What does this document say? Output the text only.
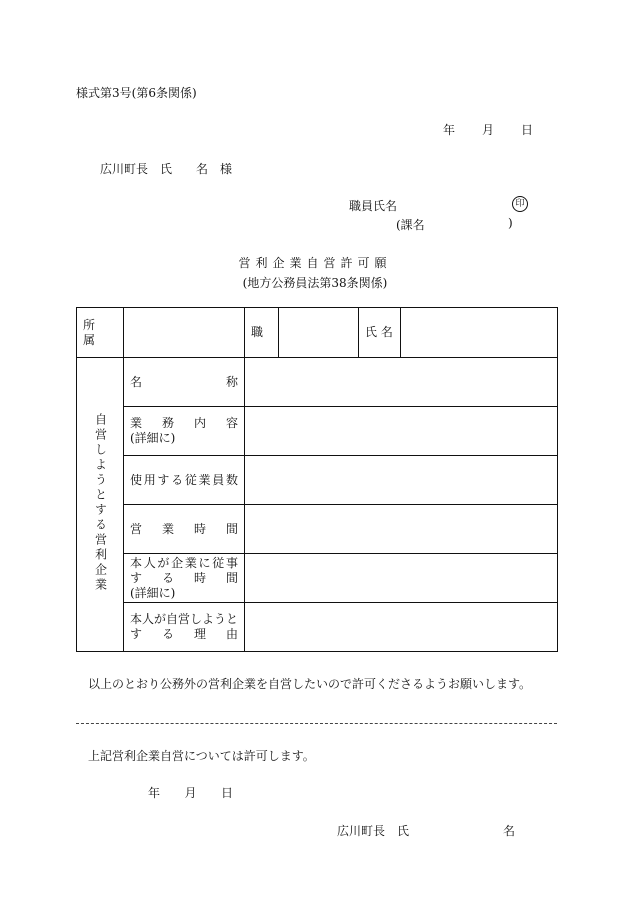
様式第3号(第6条関係)
年 月 日
広川町長　氏　　名　様
職員氏名	印
(課名	)
営利企業自営許可願
(地方公務員法第38条関係)
所　属		職		氏 名	
自営しようとする営利企業	名称				

	業務内容
(詳細に)				

	使用する従業員数				
	営業時間				

	本人が企業に従事
する時間
(詳細に)				

	本人が自営しようと
する理由				

以上のとおり公務外の営利企業を自営したいので許可くださるようお願いします。
上記営利企業自営については許可します。
年 月 日
広川町長　氏	名
